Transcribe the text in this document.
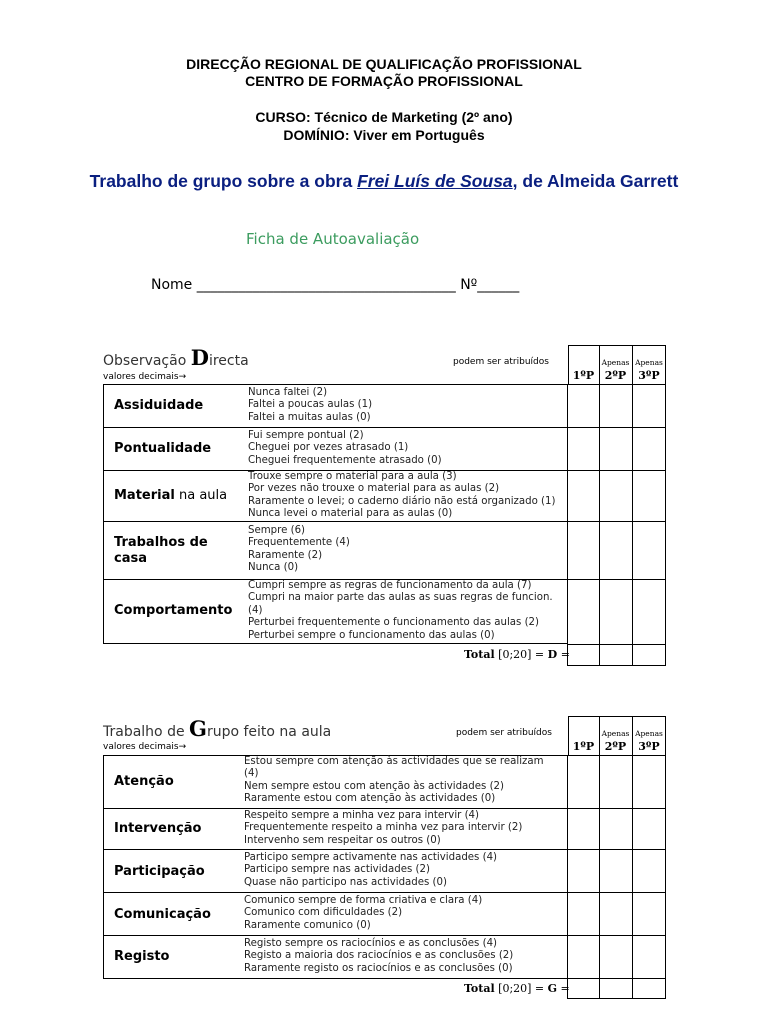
DIRECÇÃO REGIONAL DE QUALIFICAÇÃO PROFISSIONAL
CENTRO DE FORMAÇÃO PROFISSIONAL
CURSO: Técnico de Marketing (2º ano)
DOMÍNIO: Viver em Português
Trabalho de grupo sobre a obra Frei Luís de Sousa, de Almeida Garrett
Ficha de Autoavaliação
Nome _____________________________________ Nº______
Observação Directa
valores decimais→
podem ser atribuídos
1ºP
Apenas
2ºP
Apenas
3ºP
Assiduidade
Nunca faltei (2)
Faltei a poucas aulas (1)
Faltei a muitas aulas (0)
Pontualidade
Fui sempre pontual (2)
Cheguei por vezes atrasado (1)
Cheguei frequentemente atrasado (0)
Material na aula
Trouxe sempre o material para a aula (3)
Por vezes não trouxe o material para as aulas (2)
Raramente o levei; o caderno diário não está organizado (1)
Nunca levei o material para as aulas (0)
Trabalhos de
casa
Sempre (6)
Frequentemente (4)
Raramente (2)
Nunca (0)
Comportamento
Cumpri sempre as regras de funcionamento da aula (7)
Cumpri na maior parte das aulas as suas regras de funcion.
(4)
Perturbei frequentemente o funcionamento das aulas (2)
Perturbei sempre o funcionamento das aulas (0)
Total [0;20] = D =
Trabalho de Grupo feito na aula
valores decimais→
podem ser atribuídos
1ºP
Apenas
2ºP
Apenas
3ºP
Atenção
Estou sempre com atenção às actividades que se realizam
(4)
Nem sempre estou com atenção às actividades (2)
Raramente estou com atenção às actividades (0)
Intervenção
Respeito sempre a minha vez para intervir (4)
Frequentemente respeito a minha vez para intervir (2)
Intervenho sem respeitar os outros (0)
Participação
Participo sempre activamente nas actividades (4)
Participo sempre nas actividades (2)
Quase não participo nas actividades (0)
Comunicação
Comunico sempre de forma criativa e clara (4)
Comunico com dificuldades (2)
Raramente comunico (0)
Registo
Registo sempre os raciocínios e as conclusões (4)
Registo a maioria dos raciocínios e as conclusões (2)
Raramente registo os raciocínios e as conclusões (0)
Total [0;20] = G =
